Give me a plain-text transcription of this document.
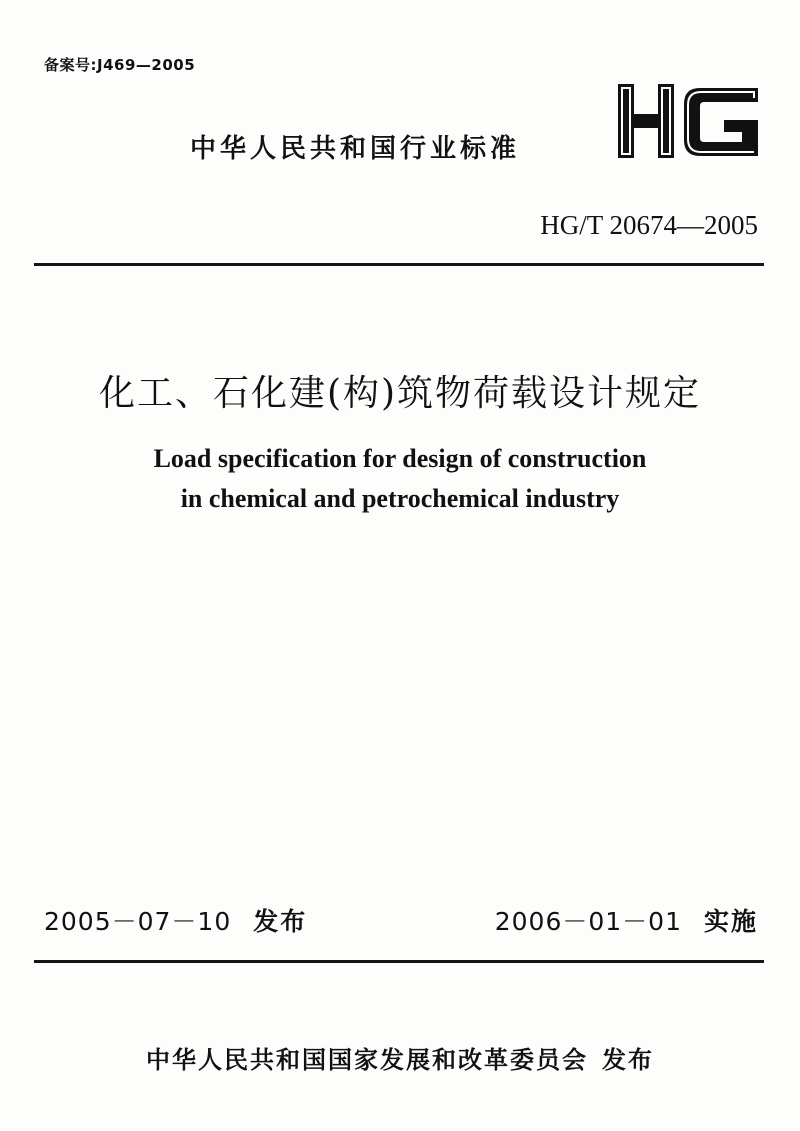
备案号:J469—2005
中华人民共和国行业标准
HG/T 20674—2005
化工、石化建(构)筑物荷载设计规定
Load specification for design of construction
in chemical and petrochemical industry
2005－07－10 发布	2006－01－01 实施
中华人民共和国国家发展和改革委员会 发布
